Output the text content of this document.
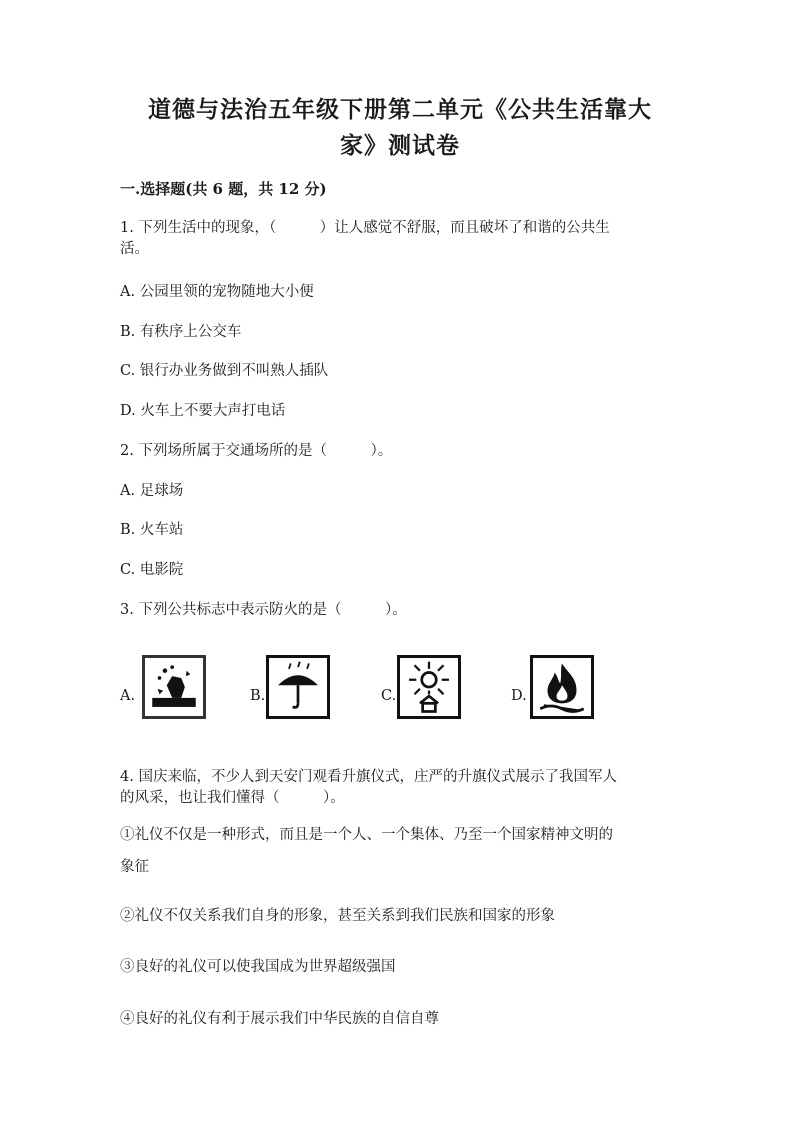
道德与法治五年级下册第二单元《公共生活靠大
家》测试卷
一.选择题(共 6 题，共 12 分)
1. 下列生活中的现象，（　　　）让人感觉不舒服，而且破坏了和谐的公共生
活。
A. 公园里领的宠物随地大小便
B. 有秩序上公交车
C. 银行办业务做到不叫熟人插队
D. 火车上不要大声打电话
2. 下列场所属于交通场所的是（　　　）。
A. 足球场
B. 火车站
C. 电影院
3. 下列公共标志中表示防火的是（　　　）。
A.	B.	C.	D.
4. 国庆来临，不少人到天安门观看升旗仪式，庄严的升旗仪式展示了我国军人
的风采，也让我们懂得（　　　）。
①礼仪不仅是一种形式，而且是一个人、一个集体、乃至一个国家精神文明的
象征
②礼仪不仅关系我们自身的形象，甚至关系到我们民族和国家的形象
③良好的礼仪可以使我国成为世界超级强国
④良好的礼仪有利于展示我们中华民族的自信自尊
